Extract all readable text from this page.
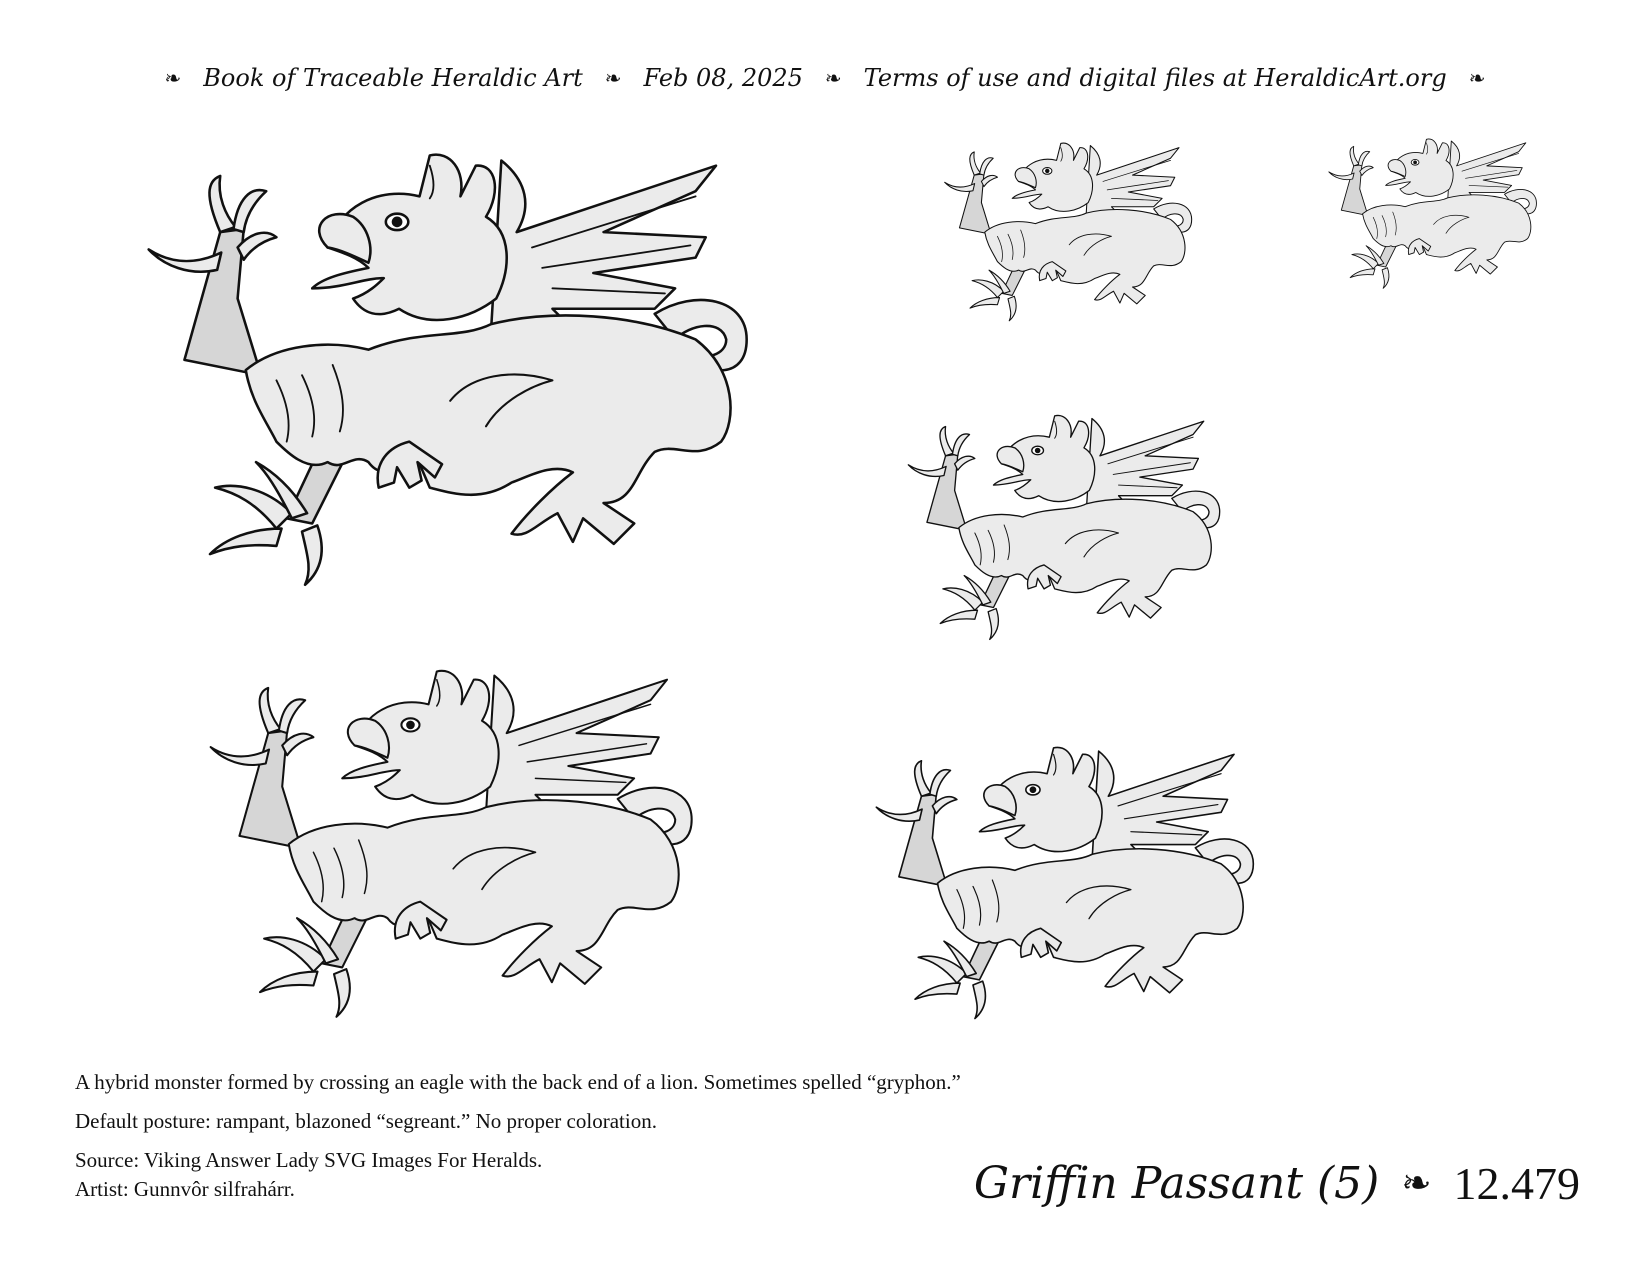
❧ Book of Traceable Heraldic Art ❧ Feb 08, 2025 ❧ Terms of use and digital files at HeraldicArt.org ❧
A hybrid monster formed by crossing an eagle with the back end of a lion. Sometimes spelled “gryphon.”
Default posture: rampant, blazoned “segreant.” No proper coloration.
Source: Viking Answer Lady SVG Images For Heralds.
Artist: Gunnvôr silfrahárr.	Griffin Passant (5) ❧ 12.479
